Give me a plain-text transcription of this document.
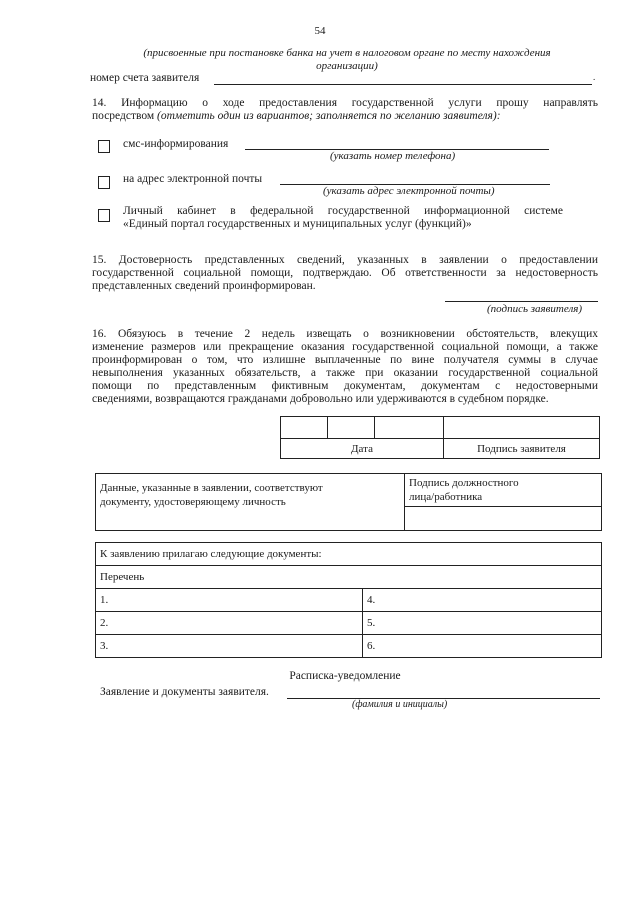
54
(присвоенные при постановке банка на учет в налоговом органе по месту нахождения
организации)
номер счета заявителя	.
14. Информацию о ходе предоставления государственной услуги прошу направлять
посредством (отметить один из вариантов; заполняется по желанию заявителя):
смс-информирования
(указать номер телефона)
на адрес электронной почты
(указать адрес электронной почты)
Личный кабинет в федеральной государственной информационной системе
«Единый портал государственных и муниципальных услуг (функций)»
15. Достоверность представленных сведений, указанных в заявлении о предоставлении
государственной социальной помощи, подтверждаю. Об ответственности за недостоверность
представленных сведений проинформирован.
(подпись заявителя)
16. Обязуюсь в течение 2 недель извещать о возникновении обстоятельств, влекущих
изменение размеров или прекращение оказания государственной социальной помощи, а также
проинформирован о том, что излишне выплаченные по вине получателя суммы в случае
невыполнения указанных обязательств, а также при оказании государственной социальной
помощи по представленным фиктивным документам, документам с недостоверными
сведениями, возвращаются гражданами добровольно или удерживаются в судебном порядке.

Дата			Подпись заявителя
Данные, указанные в заявлении, соответствуют
документу, удостоверяющему личность	Подпись должностного
лица/работника

К заявлению прилагаю следующие документы:	
Перечень	
1.	4.
2.	5.
3.	6.
Расписка-уведомление
Заявление и документы заявителя.
(фамилия и инициалы)
